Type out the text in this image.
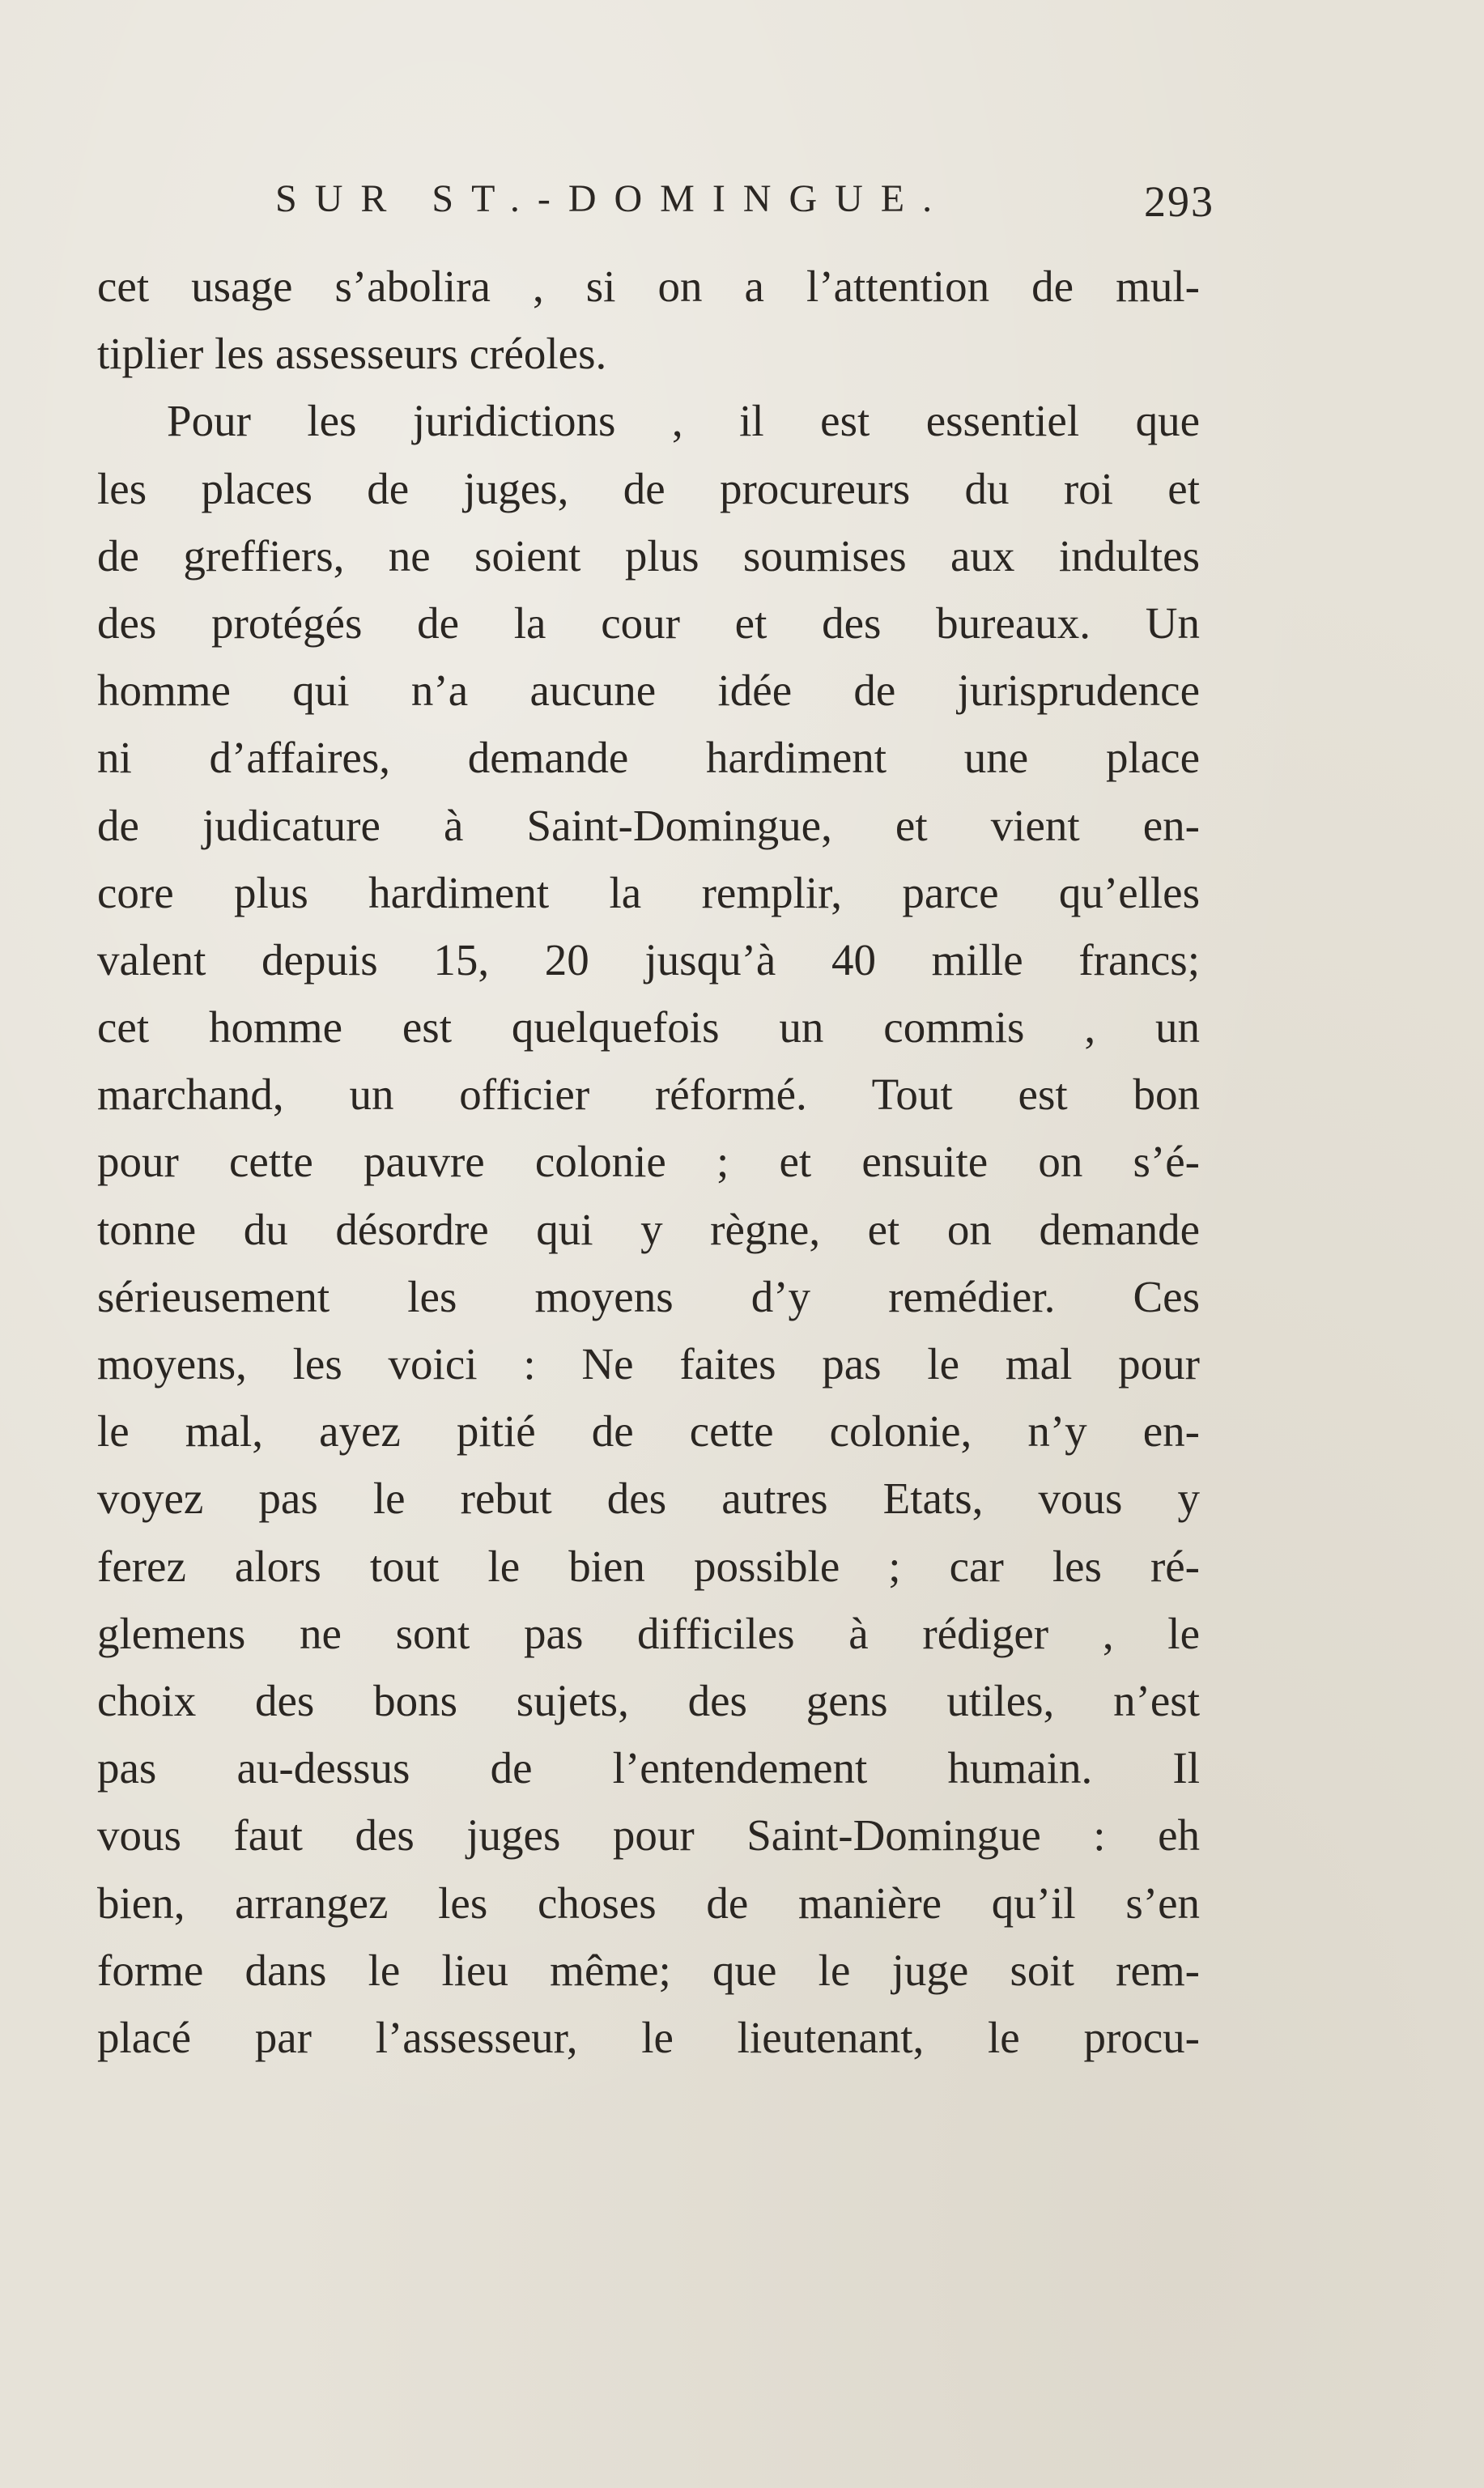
SUR ST.-DOMINGUE.	293
cet usage s’abolira , si on a l’attention de mul-
tiplier les assesseurs créoles.
Pour les juridictions , il est essentiel que
les places de juges, de procureurs du roi et
de greffiers, ne soient plus soumises aux indultes
des protégés de la cour et des bureaux. Un
homme qui n’a aucune idée de jurisprudence
ni d’affaires, demande hardiment une place
de judicature à Saint-Domingue, et vient en-
core plus hardiment la remplir, parce qu’elles
valent depuis 15, 20 jusqu’à 40 mille francs;
cet homme est quelquefois un commis , un
marchand, un officier réformé. Tout est bon
pour cette pauvre colonie ; et ensuite on s’é-
tonne du désordre qui y règne, et on demande
sérieusement les moyens d’y remédier. Ces
moyens, les voici : Ne faites pas le mal pour
le mal, ayez pitié de cette colonie, n’y en-
voyez pas le rebut des autres Etats, vous y
ferez alors tout le bien possible ; car les ré-
glemens ne sont pas difficiles à rédiger , le
choix des bons sujets, des gens utiles, n’est
pas au-dessus de l’entendement humain. Il
vous faut des juges pour Saint-Domingue : eh
bien, arrangez les choses de manière qu’il s’en
forme dans le lieu même; que le juge soit rem-
placé par l’assesseur, le lieutenant, le procu-
